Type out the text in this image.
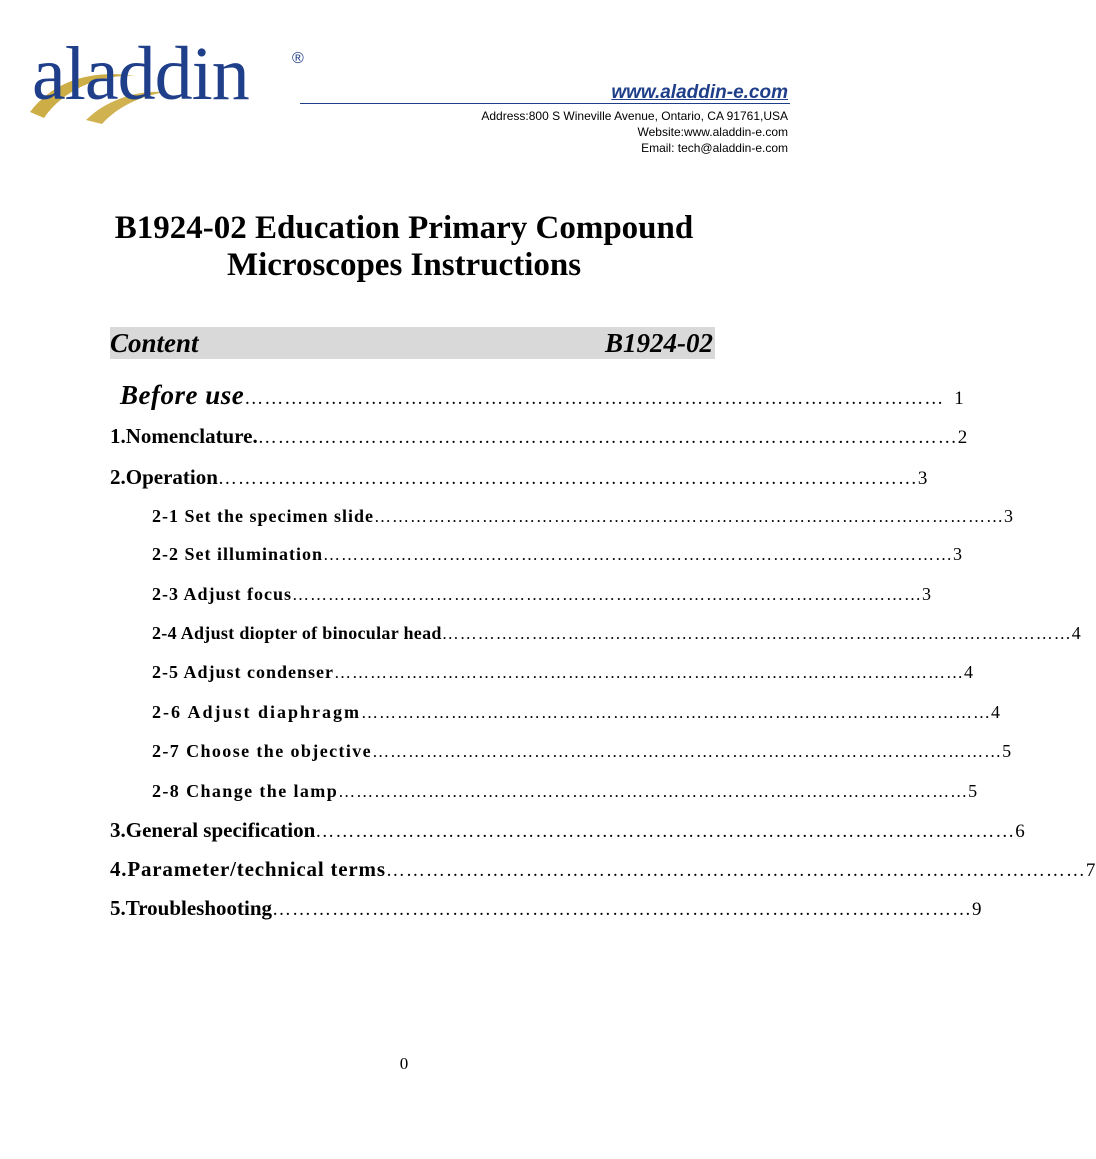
aladdin	®
www.aladdin-e.com
Address:800 S Wineville Avenue, Ontario, CA 91761,USA
Website:www.aladdin-e.com
Email: tech@aladdin-e.com
B1924-02 Education Primary Compound
Microscopes Instructions
Content	B1924-02
Before use …………………………………………………………………………………………… 1
1.Nomenclature. …………………………………………………………………………………………… 2
2.Operation …………………………………………………………………………………………… 3
2-1 Set the specimen slide …………………………………………………………………………………………… 3
2-2 Set illumination …………………………………………………………………………………………… 3
2-3 Adjust focus …………………………………………………………………………………………… 3
2-4 Adjust diopter of binocular head …………………………………………………………………………………………… 4
2-5 Adjust condenser …………………………………………………………………………………………… 4
2-6 Adjust diaphragm …………………………………………………………………………………………… 4
2-7 Choose the objective …………………………………………………………………………………………… 5
2-8 Change the lamp …………………………………………………………………………………………… 5
3.General specification …………………………………………………………………………………………… 6
4.Parameter/technical terms …………………………………………………………………………………………… 7
5.Troubleshooting …………………………………………………………………………………………… 9
0
